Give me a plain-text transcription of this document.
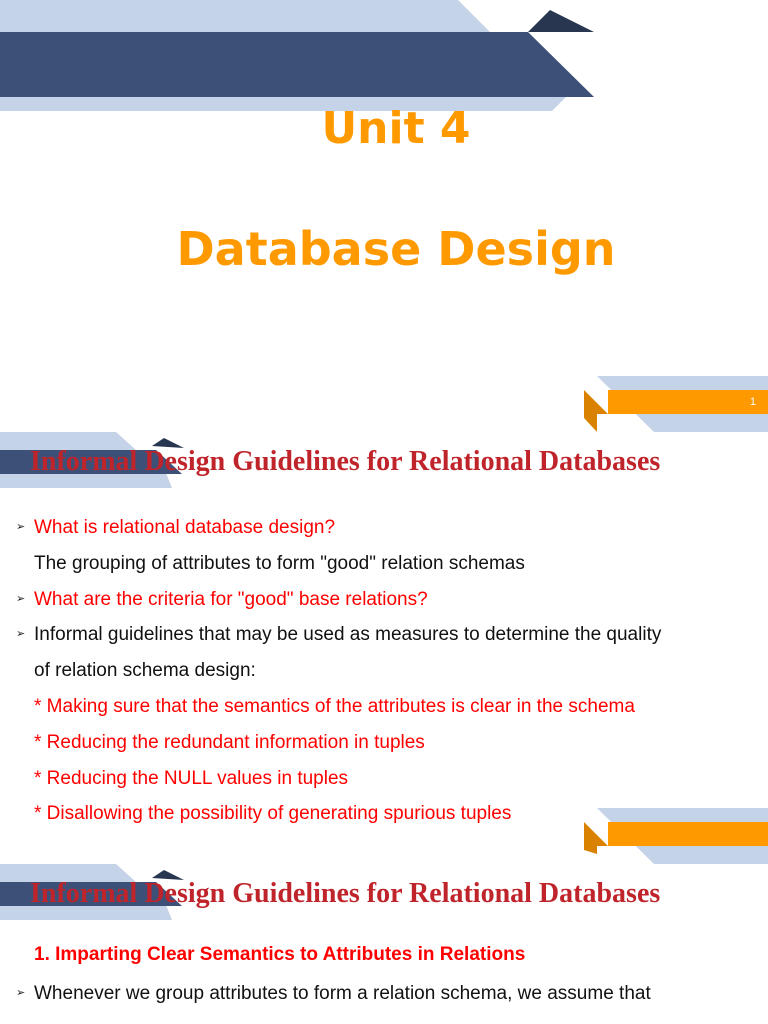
Unit 4
Database Design
1
Informal Design Guidelines for Relational Databases
➢ What is relational database design?
The grouping of attributes to form "good" relation schemas
➢ What are the criteria for "good" base relations?
➢ Informal guidelines that may be used as measures to determine the quality
of relation schema design:
* Making sure that the semantics of the attributes is clear in the schema
* Reducing the redundant information in tuples
* Reducing the NULL values in tuples
* Disallowing the possibility of generating spurious tuples
Informal Design Guidelines for Relational Databases
1. Imparting Clear Semantics to Attributes in Relations
➢ Whenever we group attributes to form a relation schema, we assume that
